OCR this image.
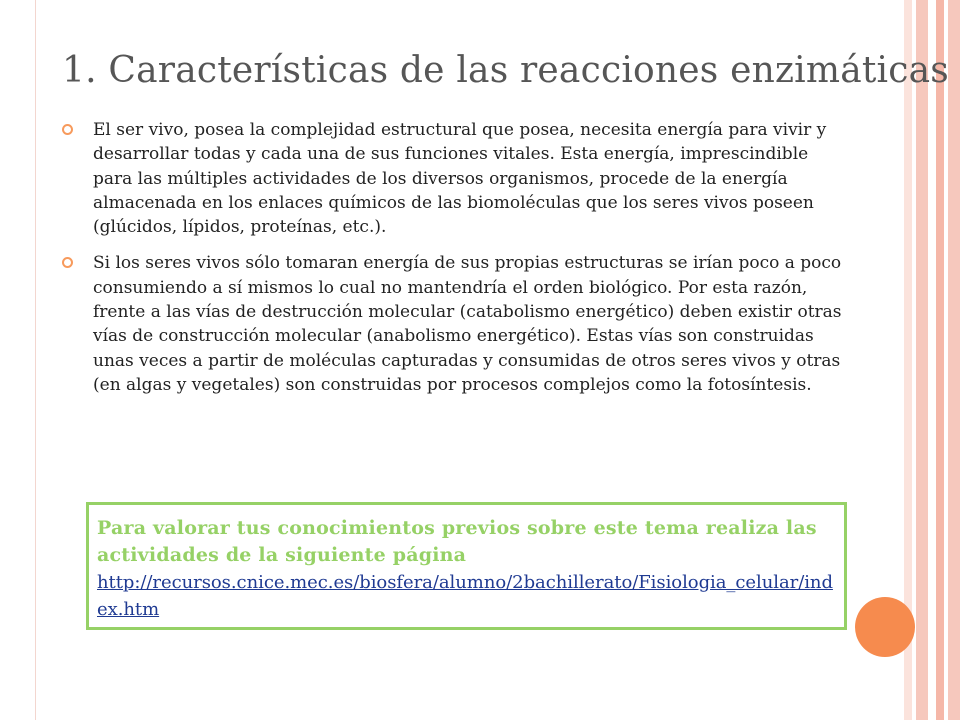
1. Características de las reacciones enzimáticas

El ser vivo, posea la complejidad estructural que posea, necesita energía para vivir y desarrollar todas y cada una de sus funciones vitales. Esta energía, imprescindible para las múltiples actividades de los diversos organismos, procede de la energía almacenada en los enlaces químicos de las biomoléculas que los seres vivos poseen (glúcidos, lípidos, proteínas, etc.).

Si los seres vivos sólo tomaran energía de sus propias estructuras se irían poco a poco consumiendo a sí mismos lo cual no mantendría el orden biológico. Por esta razón, frente a las vías de destrucción molecular (catabolismo energético) deben existir otras vías de construcción molecular (anabolismo energético). Estas vías son construidas unas veces a partir de moléculas capturadas y consumidas de otros seres vivos y otras (en algas y vegetales) son construidas por procesos complejos como la fotosíntesis.

Para valorar tus conocimientos previos sobre este tema realiza las actividades de la siguiente página

http://recursos.cnice.mec.es/biosfera/alumno/2bachillerato/Fisiologia_celular/index.htm
